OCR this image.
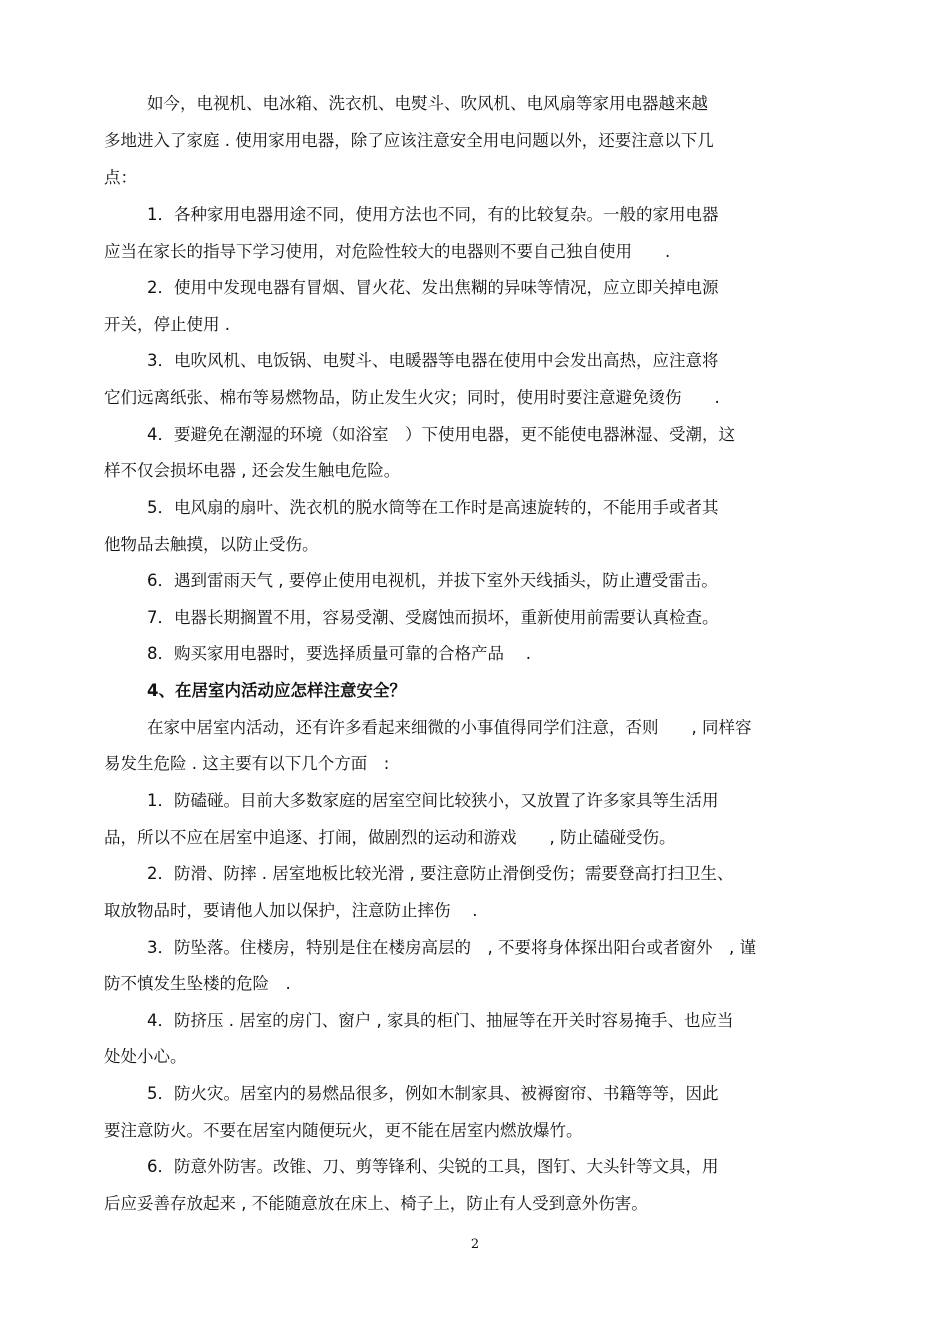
如今，电视机、电冰箱、洗衣机、电熨斗、吹风机、电风扇等家用电器越来越
多地进入了家庭 . 使用家用电器，除了应该注意安全用电问题以外，还要注意以下几
点：
1．各种家用电器用途不同，使用方法也不同，有的比较复杂。一般的家用电器
应当在家长的指导下学习使用，对危险性较大的电器则不要自己独自使用　　.
2．使用中发现电器有冒烟、冒火花、发出焦糊的异味等情况，应立即关掉电源
开关，停止使用 .
3．电吹风机、电饭锅、电熨斗、电暖器等电器在使用中会发出高热，应注意将
它们远离纸张、棉布等易燃物品，防止发生火灾；同时，使用时要注意避免烫伤　　.
4．要避免在潮湿的环境（如浴室　）下使用电器，更不能使电器淋湿、受潮，这
样不仅会损坏电器 , 还会发生触电危险。
5．电风扇的扇叶、洗衣机的脱水筒等在工作时是高速旋转的，不能用手或者其
他物品去触摸，以防止受伤。
6．遇到雷雨天气 , 要停止使用电视机，并拔下室外天线插头，防止遭受雷击。
7．电器长期搁置不用，容易受潮、受腐蚀而损坏，重新使用前需要认真检查。
8．购买家用电器时，要选择质量可靠的合格产品　 .
4、在居室内活动应怎样注意安全？
在家中居室内活动，还有许多看起来细微的小事值得同学们注意，否则　　, 同样容
易发生危险 . 这主要有以下几个方面　:
1．防磕碰。目前大多数家庭的居室空间比较狭小，又放置了许多家具等生活用
品，所以不应在居室中追逐、打闹，做剧烈的运动和游戏　　, 防止磕碰受伤。
2．防滑、防摔 . 居室地板比较光滑 , 要注意防止滑倒受伤；需要登高打扫卫生、
取放物品时，要请他人加以保护，注意防止摔伤　 .
3．防坠落。住楼房，特别是住在楼房高层的　, 不要将身体探出阳台或者窗外　, 谨
防不慎发生坠楼的危险　.
4．防挤压 . 居室的房门、窗户 , 家具的柜门、抽屉等在开关时容易掩手、也应当
处处小心。
5．防火灾。居室内的易燃品很多，例如木制家具、被褥窗帘、书籍等等，因此
要注意防火。不要在居室内随便玩火，更不能在居室内燃放爆竹。
6．防意外防害。改锥、刀、剪等锋利、尖锐的工具，图钉、大头针等文具，用
后应妥善存放起来 , 不能随意放在床上、椅子上，防止有人受到意外伤害。
2
